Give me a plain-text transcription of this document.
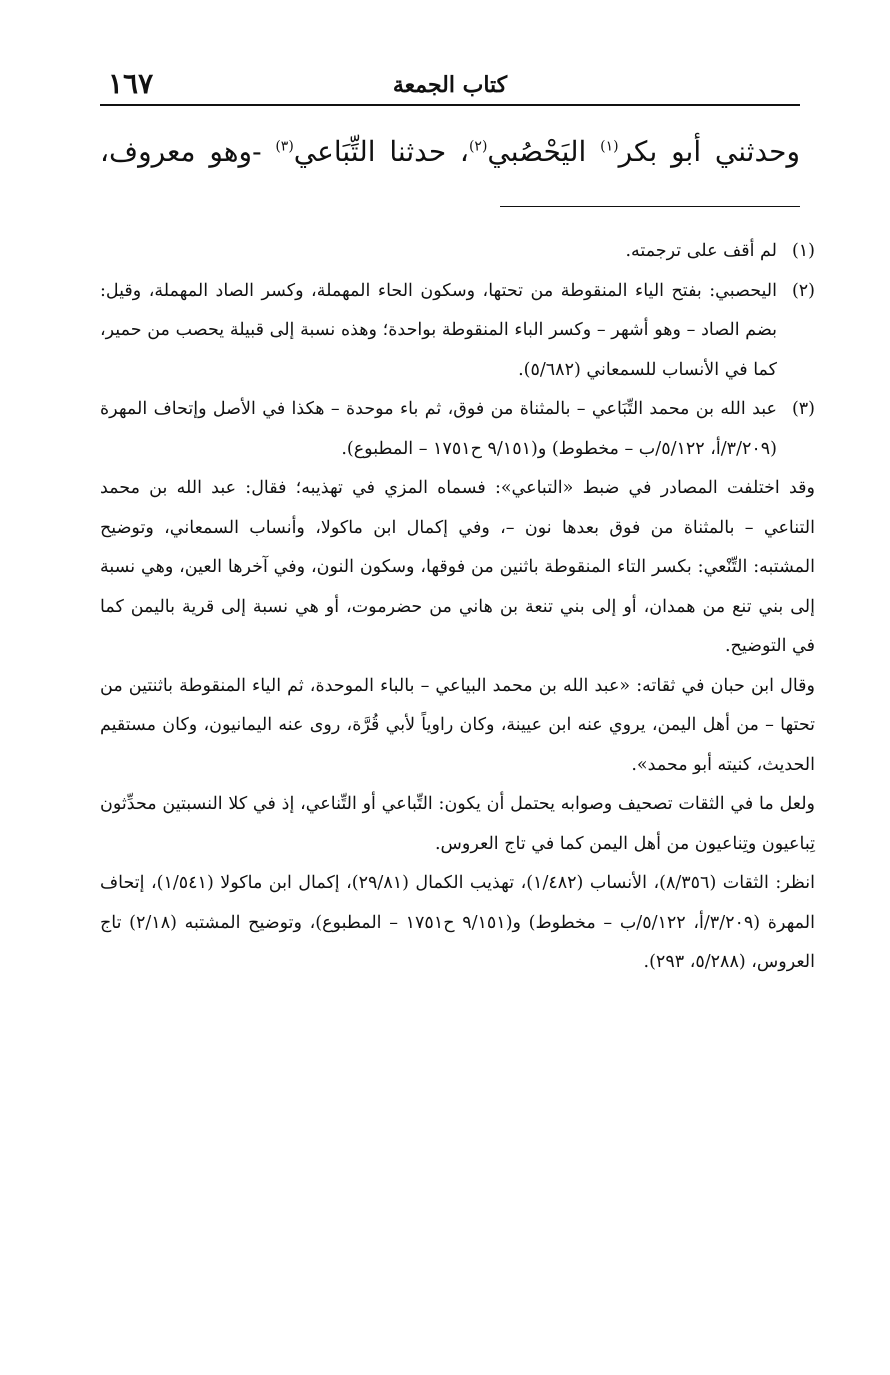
كتاب الجمعة
١٦٧
وحدثني أبو بكر$^{(١)}$ اليَحْصُبي$^{(٢)}$، حدثنا التِّبَاعي$^{(٣)}$ -وهو معروف،
(١)
لم أقف على ترجمته.
(٢)
اليحصبي: بفتح الياء المنقوطة من تحتها، وسكون الحاء المهملة، وكسر الصاد المهملة، وقيل: بضم الصاد – وهو أشهر – وكسر الباء المنقوطة بواحدة؛ وهذه نسبة إلى قبيلة يحصب من حمير، كما في الأنساب للسمعاني (٥/٦٨٢).
(٣)
عبد الله بن محمد التِّبَاعي – بالمثناة من فوق، ثم باء موحدة – هكذا في الأصل وإتحاف المهرة (٣/٢٠٩/أ، ٥/١٢٢/ب – مخطوط) و(٩/١٥١ ح١٧٥١ – المطبوع).

وقد اختلفت المصادر في ضبط «التباعي»: فسماه المزي في تهذيبه؛ فقال: عبد الله بن محمد التناعي – بالمثناة من فوق بعدها نون –، وفي إكمال ابن ماكولا، وأنساب السمعاني، وتوضيح المشتبه: التِّنْعي: بكسر التاء المنقوطة باثنين من فوقها، وسكون النون، وفي آخرها العين، وهي نسبة إلى بني تنع من همدان، أو إلى بني تنعة بن هاني من حضرموت، أو هي نسبة إلى قرية باليمن كما في التوضيح.

وقال ابن حبان في ثقاته: «عبد الله بن محمد البياعي – بالباء الموحدة، ثم الياء المنقوطة باثنتين من تحتها – من أهل اليمن، يروي عنه ابن عيينة، وكان راوياً لأبي قُرَّة، روى عنه اليمانيون، وكان مستقيم الحديث، كنيته أبو محمد».

ولعل ما في الثقات تصحيف وصوابه يحتمل أن يكون: التِّباعي أو التِّناعي، إذ في كلا النسبتين محدِّثون تِباعيون وتِناعيون من أهل اليمن كما في تاج العروس.

انظر: الثقات (٨/٣٥٦)، الأنساب (١/٤٨٢)، تهذيب الكمال (٢٩/٨١)، إكمال ابن ماكولا (١/٥٤١)، إتحاف المهرة (٣/٢٠٩/أ، ٥/١٢٢/ب – مخطوط) و(٩/١٥١ ح١٧٥١ – المطبوع)، وتوضيح المشتبه (٢/١٨) تاج العروس، (٥/٢٨٨، ٢٩٣).
